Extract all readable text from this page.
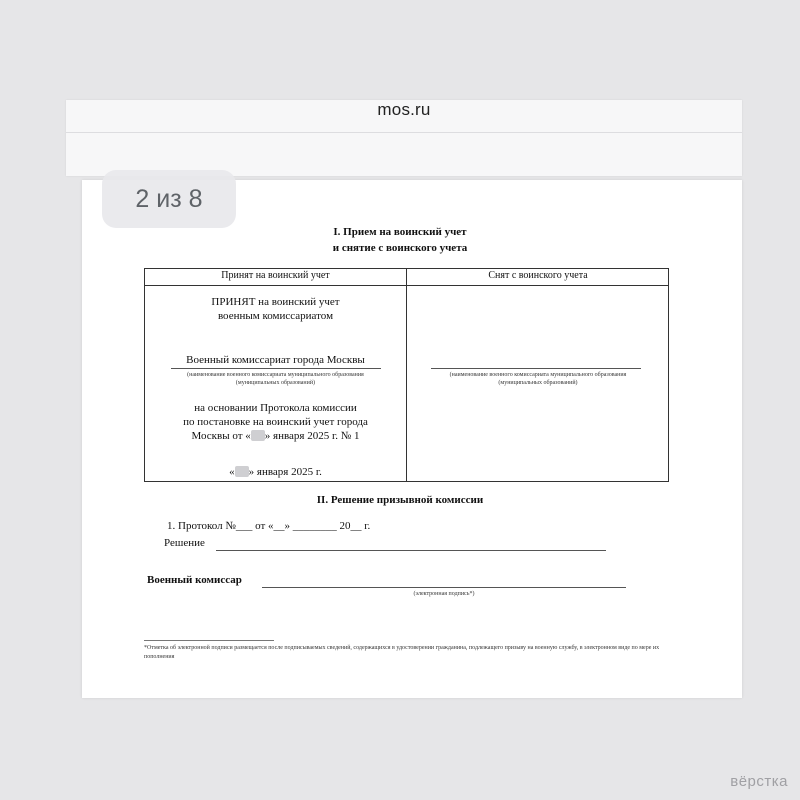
mos.ru
I. Прием на воинский учет
и снятие с воинского учета
Принят на воинский учет	Снят с воинского учета
ПРИНЯТ на воинский учет
военным комиссариатом
Военный комиссариат города Москвы
(наименование военного комиссариата муниципального образования
(муниципальных образований)
на основании Протокола комиссии
по постановке на воинский учет города
Москвы от « » января 2025 г. № 1
« » января 2025 г.
(наименование военного комиссариата муниципального образования
(муниципальных образований)
II. Решение призывной комиссии
1. Протокол №___ от «__» ________ 20__ г.
Решение
Военный комиссар
(электронная подпись*)
*Отметка об электронной подписи размещается после подписываемых сведений, содержащихся в удостоверении гражданина, подлежащего призыву на военную службу, в электронном виде по мере их пополнения
2 из 8
вёрстка
